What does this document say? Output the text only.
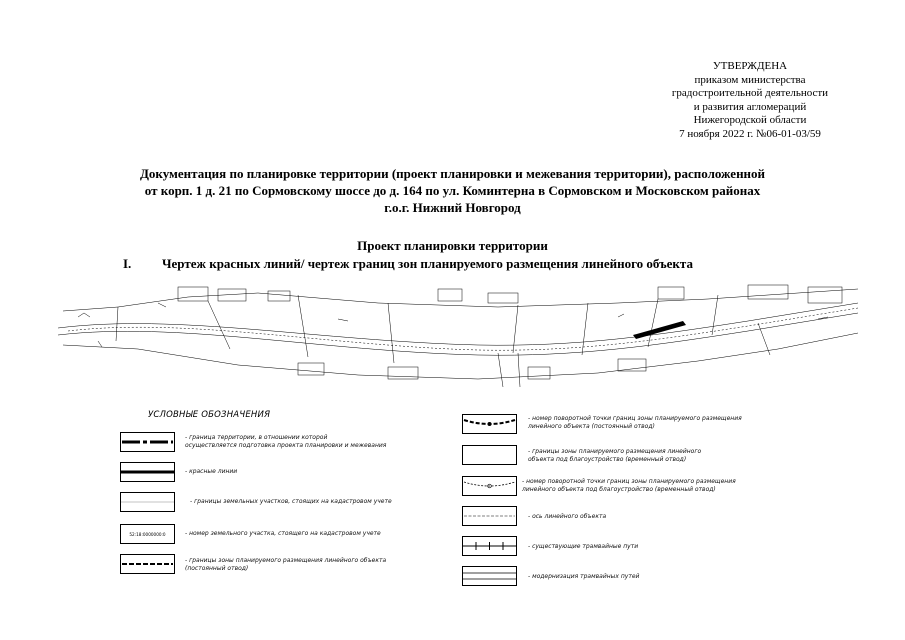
УТВЕРЖДЕНА
приказом министерства
градостроительной деятельности
и развития агломераций
Нижегородской области
7 ноября 2022 г. №06-01-03/59
Документация по планировке территории (проект планировки и межевания территории), расположенной
от корп. 1 д. 21 по Сормовскому шоссе до д. 164 по ул. Коминтерна в Сормовском и Московском районах
г.о.г. Нижний Новгород
Проект планировки территории
I. Чертеж красных линий/ чертеж границ зон планируемого размещения линейного объекта
УСЛОВНЫЕ ОБОЗНАЧЕНИЯ
- граница территории, в отношении которой
осуществляется подготовка проекта планировки и межевания
- красные линии
- границы земельных участков, стоящих на кадастровом учете
52:18:0000000:0	- номер земельного участка, стоящего на кадастровом учете
- границы зоны планируемого размещения линейного объекта
(постоянный отвод)
- номер поворотной точки границ зоны планируемого размещения
линейного объекта (постоянный отвод)
- границы зоны планируемого размещения линейного
объекта под благоустройство (временный отвод)
- номер поворотной точки границ зоны планируемого размещения
линейного объекта под благоустройство (временный отвод)
- ось линейного объекта
- существующие трамвайные пути
- модернизация трамвайных путей
